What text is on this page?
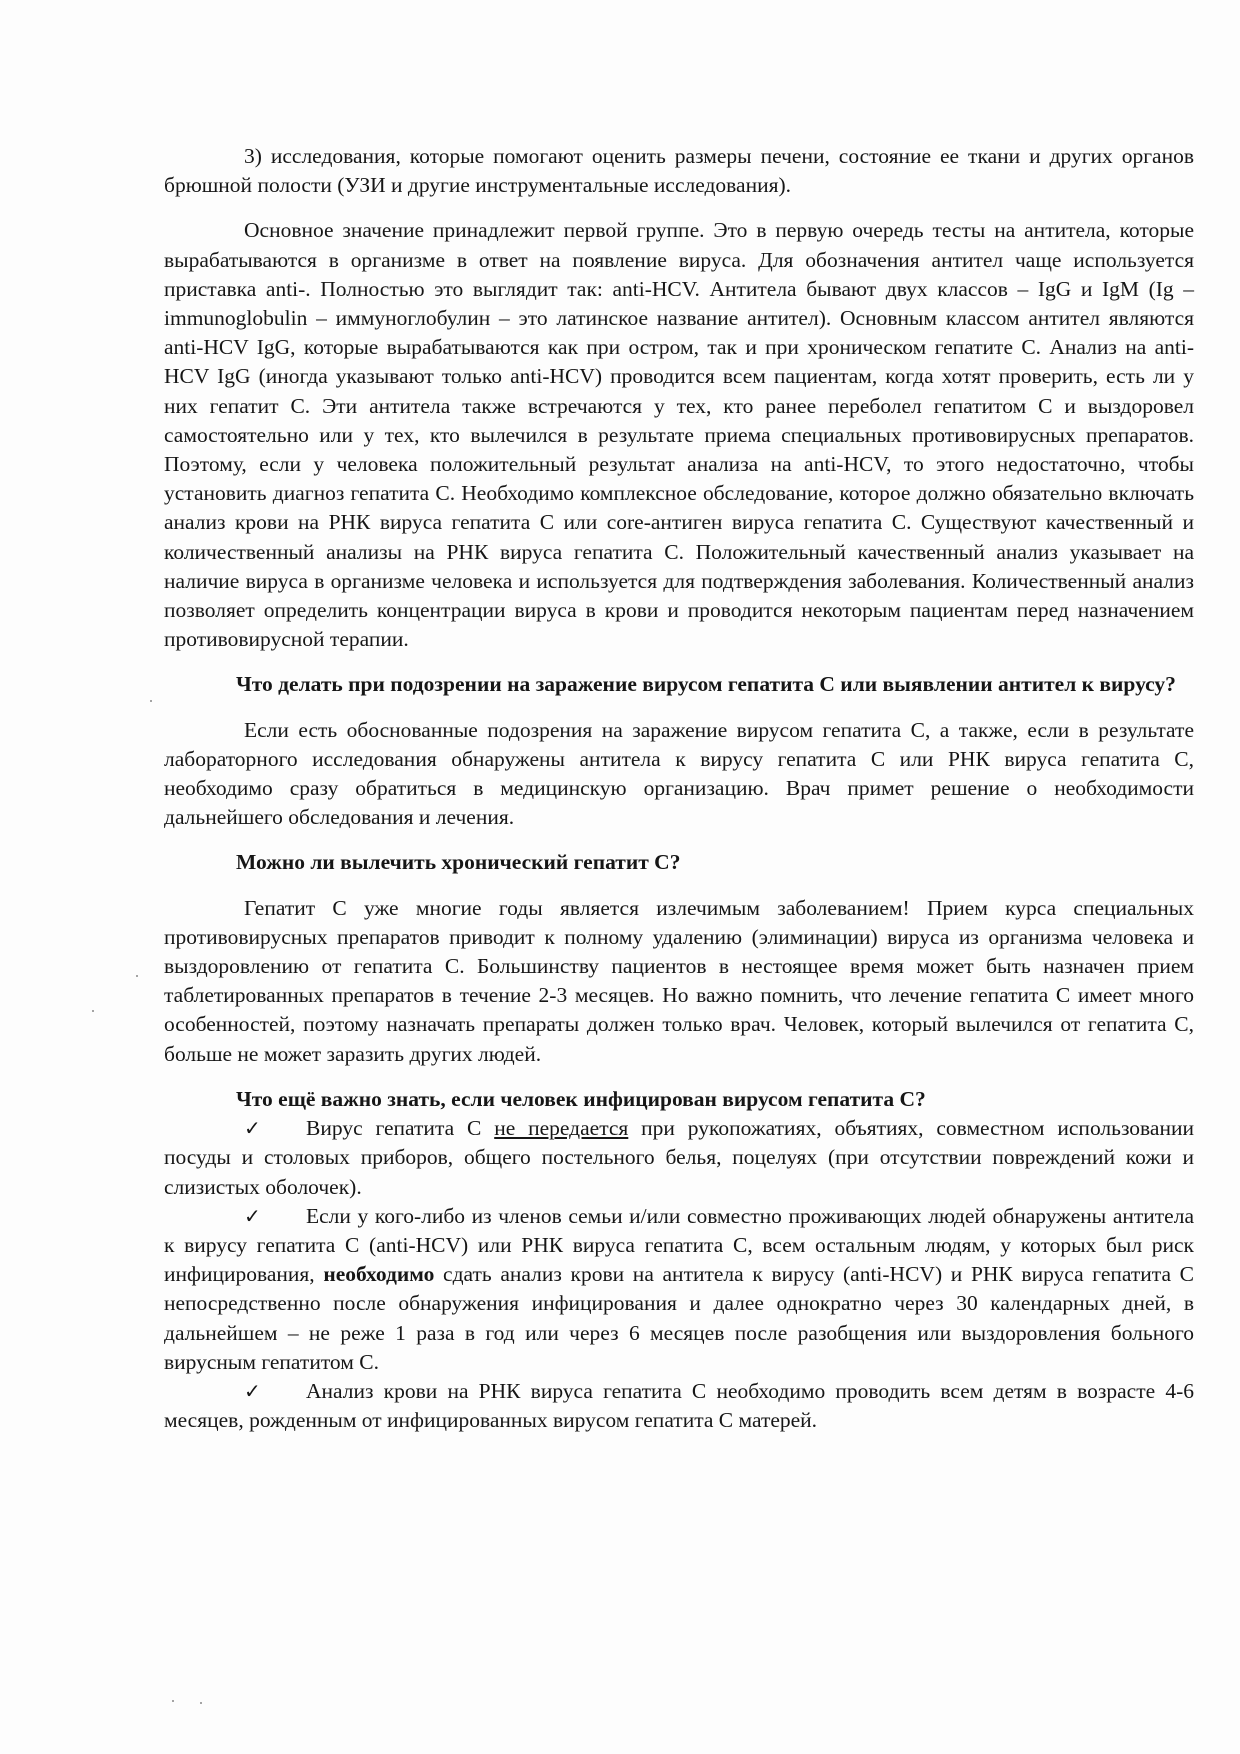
3) исследования, которые помогают оценить размеры печени, состояние ее ткани и других органов брюшной полости (УЗИ и другие инструментальные исследования).

Основное значение принадлежит первой группе. Это в первую очередь тесты на антитела, которые вырабатываются в организме в ответ на появление вируса. Для обозначения антител чаще используется приставка anti-. Полностью это выглядит так: anti-HCV. Антитела бывают двух классов – IgG и IgM (Ig – immunoglobulin – иммуноглобулин – это латинское название антител). Основным классом антител являются anti-HCV IgG, которые вырабатываются как при остром, так и при хроническом гепатите С. Анализ на anti-HCV IgG (иногда указывают только anti-HCV) проводится всем пациентам, когда хотят проверить, есть ли у них гепатит С. Эти антитела также встречаются у тех, кто ранее переболел гепатитом С и выздоровел самостоятельно или у тех, кто вылечился в результате приема специальных противовирусных препаратов. Поэтому, если у человека положительный результат анализа на anti-HCV, то этого недостаточно, чтобы установить диагноз гепатита С. Необходимо комплексное обследование, которое должно обязательно включать анализ крови на РНК вируса гепатита С или core-антиген вируса гепатита С. Существуют качественный и количественный анализы на РНК вируса гепатита С. Положительный качественный анализ указывает на наличие вируса в организме человека и используется для подтверждения заболевания. Количественный анализ позволяет определить концентрации вируса в крови и проводится некоторым пациентам перед назначением противовирусной терапии.

Что делать при подозрении на заражение вирусом гепатита С или выявлении антител к вирусу?

Если есть обоснованные подозрения на заражение вирусом гепатита С, а также, если в результате лабораторного исследования обнаружены антитела к вирусу гепатита С или РНК вируса гепатита С, необходимо сразу обратиться в медицинскую организацию. Врач примет решение о необходимости дальнейшего обследования и лечения.

Можно ли вылечить хронический гепатит С?

Гепатит С уже многие годы является излечимым заболеванием! Прием курса специальных противовирусных препаратов приводит к полному удалению (элиминации) вируса из организма человека и выздоровлению от гепатита С. Большинству пациентов в нестоящее время может быть назначен прием таблетированных препаратов в течение 2-3 месяцев. Но важно помнить, что лечение гепатита С имеет много особенностей, поэтому назначать препараты должен только врач. Человек, который вылечился от гепатита С, больше не может заразить других людей.

Что ещё важно знать, если человек инфицирован вирусом гепатита С?
✓ Вирус гепатита С не передается при рукопожатиях, объятиях, совместном использовании посуды и столовых приборов, общего постельного белья, поцелуях (при отсутствии повреждений кожи и слизистых оболочек).
✓ Если у кого-либо из членов семьи и/или совместно проживающих людей обнаружены антитела к вирусу гепатита С (anti-HCV) или РНК вируса гепатита С, всем остальным людям, у которых был риск инфицирования, необходимо сдать анализ крови на антитела к вирусу (anti-HCV) и РНК вируса гепатита С непосредственно после обнаружения инфицирования и далее однократно через 30 календарных дней, в дальнейшем – не реже 1 раза в год или через 6 месяцев после разобщения или выздоровления больного вирусным гепатитом С.
✓ Анализ крови на РНК вируса гепатита С необходимо проводить всем детям в возрасте 4-6 месяцев, рожденным от инфицированных вирусом гепатита С матерей.
